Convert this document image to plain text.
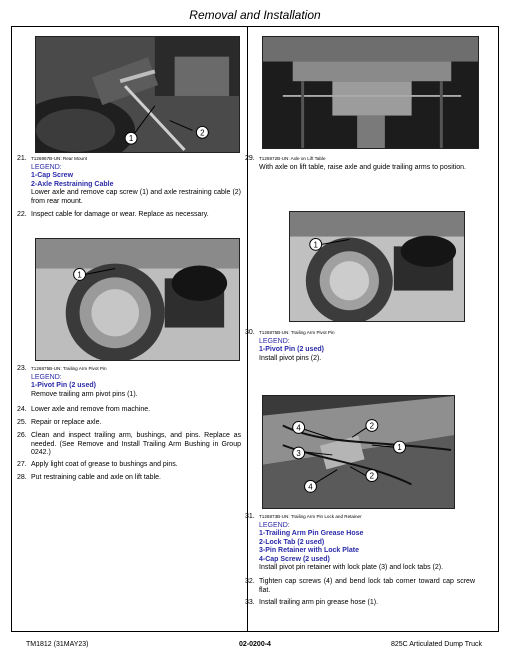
Removal and Installation
1
2
1
1
4
3
4
1
2
2
21. T126867B-UN: Rear Mount
LEGEND:
1-Cap Screw
2-Axle Restraining Cable
Lower axle and remove cap screw (1) and axle restraining cable (2) from rear mount.
22. Inspect cable for damage or wear. Replace as necessary.
23. T126875B-UN: Trailing Arm Pivot Pin
LEGEND:
1-Pivot Pin (2 used)
Remove trailing arm pivot pins (1).
24. Lower axle and remove from machine.
25. Repair or replace axle.
26. Clean and inspect trailing arm, bushings, and pins. Replace as needed. (See Remove and Install Trailing Arm Bushing in Group 0242.)
27. Apply light coat of grease to bushings and pins.
28. Put restraining cable and axle on lift table.
29. T126872B-UN: Axle on Lift Table
With axle on lift table, raise axle and guide trailing arms to position.
30. T126875B-UN: Trailing Arm Pivot Pin
LEGEND:
1-Pivot Pin (2 used)
Install pivot pins (2).
31. T126873B-UN: Trailing Arm Pin Lock and Retainer
LEGEND:
1-Trailing Arm Pin Grease Hose
2-Lock Tab (2 used)
3-Pin Retainer with Lock Plate
4-Cap Screw (2 used)
Install pivot pin retainer with lock plate (3) and lock tabs (2).
32. Tighten cap screws (4) and bend lock tab corner toward cap screw flat.
33. Install trailing arm pin grease hose (1).
TM1812 (31MAY23)	02-0200-4	825C Articulated Dump Truck
